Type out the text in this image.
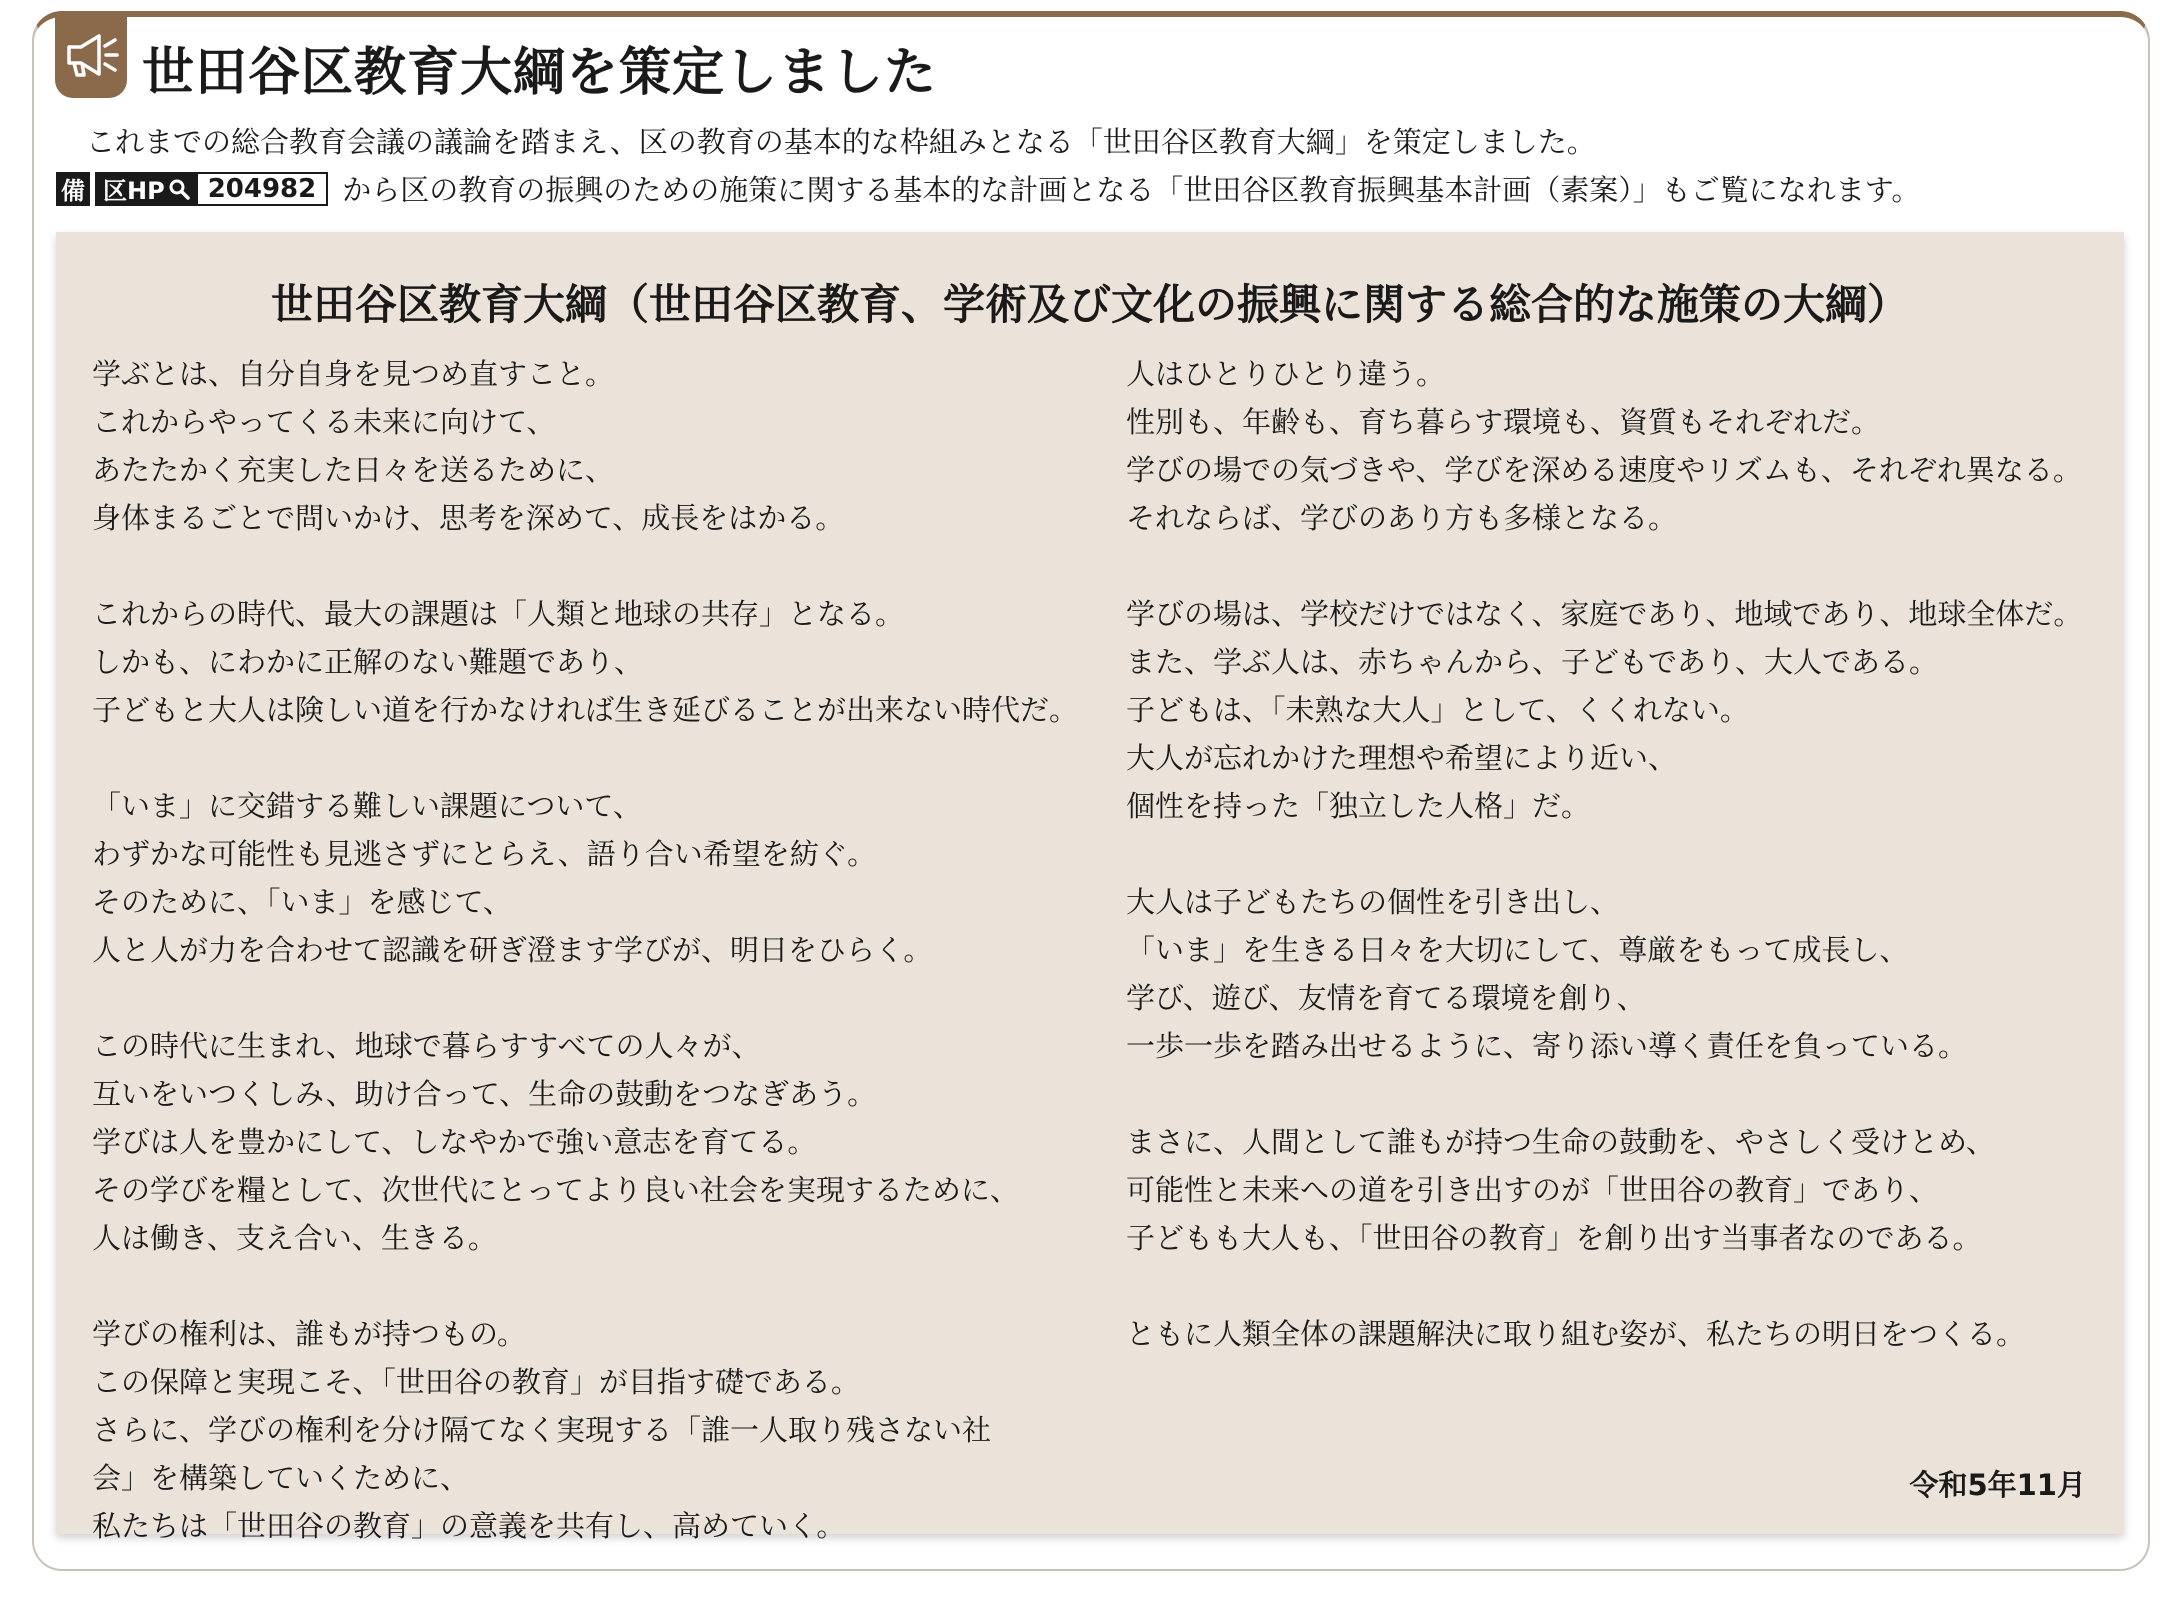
世田谷区教育大綱を策定しました

これまでの総合教育会議の議論を踏まえ、区の教育の基本的な枠組みとなる「世田谷区教育大綱」を策定しました。

備 区HP	204982 から区の教育の振興のための施策に関する基本的な計画となる「世田谷区教育振興基本計画（素案）」もご覧になれます。
世田谷区教育大綱（世田谷区教育、学術及び文化の振興に関する総合的な施策の大綱）
学ぶとは、自分自身を見つめ直すこと。
これからやってくる未来に向けて、
あたたかく充実した日々を送るために、
身体まるごとで問いかけ、思考を深めて、成長をはかる。
これからの時代、最大の課題は「人類と地球の共存」となる。
しかも、にわかに正解のない難題であり、
子どもと大人は険しい道を行かなければ生き延びることが出来ない時代だ。
「いま」に交錯する難しい課題について、
わずかな可能性も見逃さずにとらえ、語り合い希望を紡ぐ。
そのために、「いま」を感じて、
人と人が力を合わせて認識を研ぎ澄ます学びが、明日をひらく。
この時代に生まれ、地球で暮らすすべての人々が、
互いをいつくしみ、助け合って、生命の鼓動をつなぎあう。
学びは人を豊かにして、しなやかで強い意志を育てる。
その学びを糧として、次世代にとってより良い社会を実現するために、
人は働き、支え合い、生きる。
学びの権利は、誰もが持つもの。
この保障と実現こそ、「世田谷の教育」が目指す礎である。
さらに、学びの権利を分け隔てなく実現する「誰一人取り残さない社
会」を構築していくために、
私たちは「世田谷の教育」の意義を共有し、高めていく。
人はひとりひとり違う。
性別も、年齢も、育ち暮らす環境も、資質もそれぞれだ。
学びの場での気づきや、学びを深める速度やリズムも、それぞれ異なる。
それならば、学びのあり方も多様となる。
学びの場は、学校だけではなく、家庭であり、地域であり、地球全体だ。
また、学ぶ人は、赤ちゃんから、子どもであり、大人である。
子どもは、「未熟な大人」として、くくれない。
大人が忘れかけた理想や希望により近い、
個性を持った「独立した人格」だ。
大人は子どもたちの個性を引き出し、
「いま」を生きる日々を大切にして、尊厳をもって成長し、
学び、遊び、友情を育てる環境を創り、
一歩一歩を踏み出せるように、寄り添い導く責任を負っている。
まさに、人間として誰もが持つ生命の鼓動を、やさしく受けとめ、
可能性と未来への道を引き出すのが「世田谷の教育」であり、
子どもも大人も、「世田谷の教育」を創り出す当事者なのである。
ともに人類全体の課題解決に取り組む姿が、私たちの明日をつくる。
令和5年11月
